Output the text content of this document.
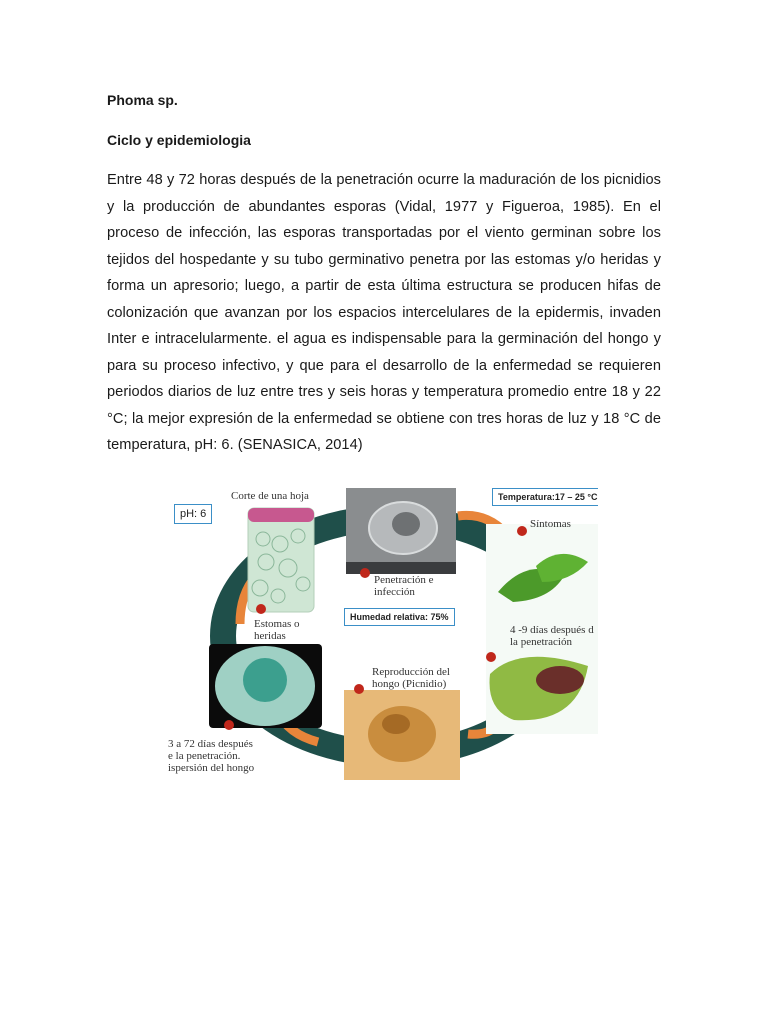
Phoma sp.
Ciclo y epidemiologia

Entre 48 y 72 horas después de la penetración ocurre la maduración de los picnidios y la producción de abundantes esporas (Vidal, 1977 y Figueroa, 1985). En el proceso de infección, las esporas transportadas por el viento germinan sobre los tejidos del hospedante y su tubo germinativo penetra por las estomas y/o heridas y forma un apresorio; luego, a partir de esta última estructura se producen hifas de colonización que avanzan por los espacios intercelulares de la epidermis, invaden Inter e intracelularmente. el agua es indispensable para la germinación del hongo y para su proceso infectivo, y que para el desarrollo de la enfermedad se requieren periodos diarios de luz entre tres y seis horas y temperatura promedio entre 18 y 22 °C; la mejor expresión de la enfermedad se obtiene con tres horas de luz y 18 °C de temperatura, pH: 6. (SENASICA, 2014)

pH: 6
Temperatura:17 – 25 °C
Humedad relativa: 75%
Corte de una hoja
Estomas o
heridas
Penetración e
infección
Síntomas
4 -9 días después d
la penetración
Reproducción del
hongo (Picnidio)
3 a 72 días después
e la penetración.
ispersión del hongo
